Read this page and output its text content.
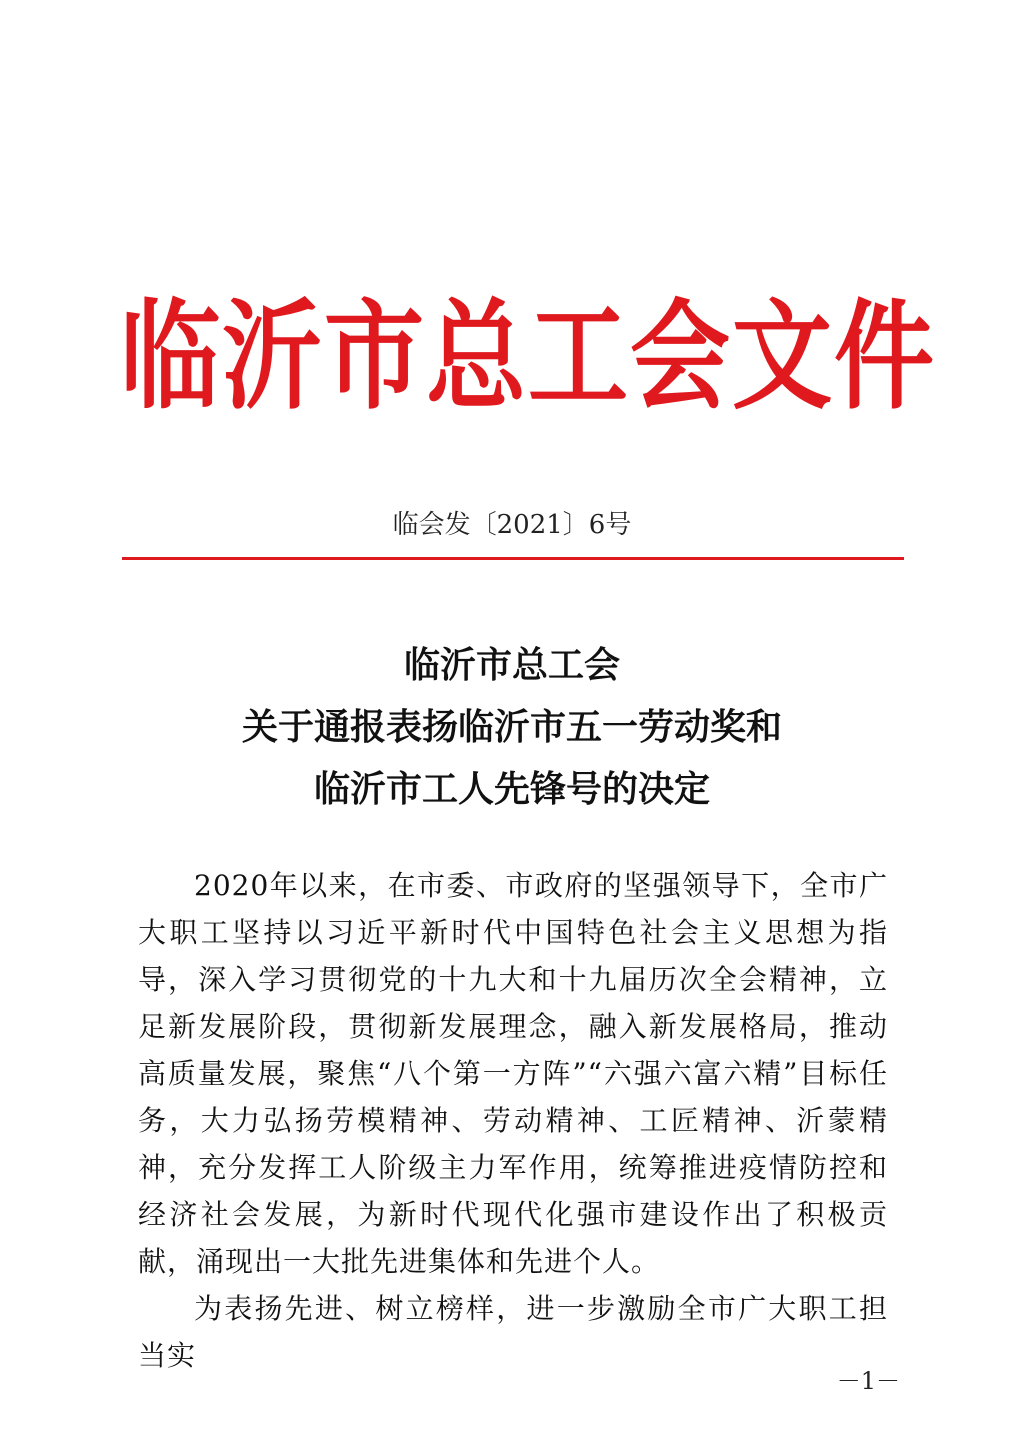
临沂市总工会文件
临会发〔2021〕6号
临沂市总工会
关于通报表扬临沂市五一劳动奖和
临沂市工人先锋号的决定

2020年以来，在市委、市政府的坚强领导下，全市广大职工坚持以习近平新时代中国特色社会主义思想为指导，深入学习贯彻党的十九大和十九届历次全会精神，立足新发展阶段，贯彻新发展理念，融入新发展格局，推动高质量发展，聚焦“八个第一方阵”“六强六富六精”目标任务，大力弘扬劳模精神、劳动精神、工匠精神、沂蒙精神，充分发挥工人阶级主力军作用，统筹推进疫情防控和经济社会发展，为新时代现代化强市建设作出了积极贡献，涌现出一大批先进集体和先进个人。

为表扬先进、树立榜样，进一步激励全市广大职工担当实

－1－
